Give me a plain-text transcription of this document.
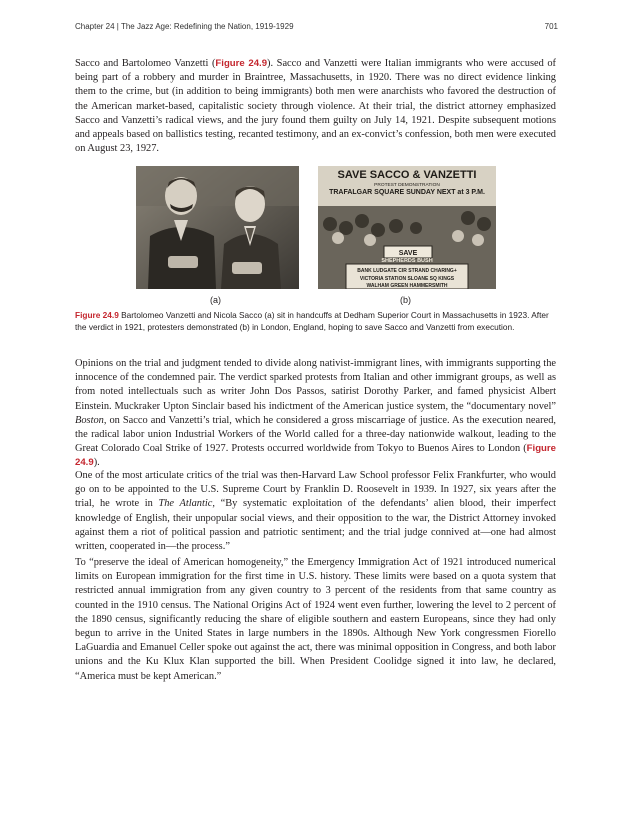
Chapter 24 | The Jazz Age: Redefining the Nation, 1919-1929	701

Sacco and Bartolomeo Vanzetti (Figure 24.9). Sacco and Vanzetti were Italian immigrants who were accused of being part of a robbery and murder in Braintree, Massachusetts, in 1920. There was no direct evidence linking them to the crime, but (in addition to being immigrants) both men were anarchists who favored the destruction of the American market-based, capitalistic society through violence. At their trial, the district attorney emphasized Sacco and Vanzetti’s radical views, and the jury found them guilty on July 14, 1921. Despite subsequent motions and appeals based on ballistics testing, recanted testimony, and an ex-convict’s confession, both men were executed on August 23, 1927.

(a)
SAVE SACCO & VANZETTI
PROTEST DEMONSTRATION
TRAFALGAR SQUARE SUNDAY NEXT at 3 P.M.
SAVE
SHEPHERDS BUSH
BANK LUDGATE CIR STRAND CHARING+
VICTORIA STATION SLOANE SQ KINGS
WALHAM GREEN HAMMERSMITH
(b)

Figure 24.9 Bartolomeo Vanzetti and Nicola Sacco (a) sit in handcuffs at Dedham Superior Court in Massachusetts in 1923. After the verdict in 1921, protesters demonstrated (b) in London, England, hoping to save Sacco and Vanzetti from execution.

Opinions on the trial and judgment tended to divide along nativist-immigrant lines, with immigrants supporting the innocence of the condemned pair. The verdict sparked protests from Italian and other immigrant groups, as well as from noted intellectuals such as writer John Dos Passos, satirist Dorothy Parker, and famed physicist Albert Einstein. Muckraker Upton Sinclair based his indictment of the American justice system, the “documentary novel” Boston, on Sacco and Vanzetti’s trial, which he considered a gross miscarriage of justice. As the execution neared, the radical labor union Industrial Workers of the World called for a three-day nationwide walkout, leading to the Great Colorado Coal Strike of 1927. Protests occurred worldwide from Tokyo to Buenos Aires to London (Figure 24.9).

One of the most articulate critics of the trial was then-Harvard Law School professor Felix Frankfurter, who would go on to be appointed to the U.S. Supreme Court by Franklin D. Roosevelt in 1939. In 1927, six years after the trial, he wrote in The Atlantic, “By systematic exploitation of the defendants’ alien blood, their imperfect knowledge of English, their unpopular social views, and their opposition to the war, the District Attorney invoked against them a riot of political passion and patriotic sentiment; and the trial judge connived at—one had almost written, cooperated in—the process.”

To “preserve the ideal of American homogeneity,” the Emergency Immigration Act of 1921 introduced numerical limits on European immigration for the first time in U.S. history. These limits were based on a quota system that restricted annual immigration from any given country to 3 percent of the residents from that same country as counted in the 1910 census. The National Origins Act of 1924 went even further, lowering the level to 2 percent of the 1890 census, significantly reducing the share of eligible southern and eastern Europeans, since they had only begun to arrive in the United States in large numbers in the 1890s. Although New York congressmen Fiorello LaGuardia and Emanuel Celler spoke out against the act, there was minimal opposition in Congress, and both labor unions and the Ku Klux Klan supported the bill. When President Coolidge signed it into law, he declared, “America must be kept American.”
